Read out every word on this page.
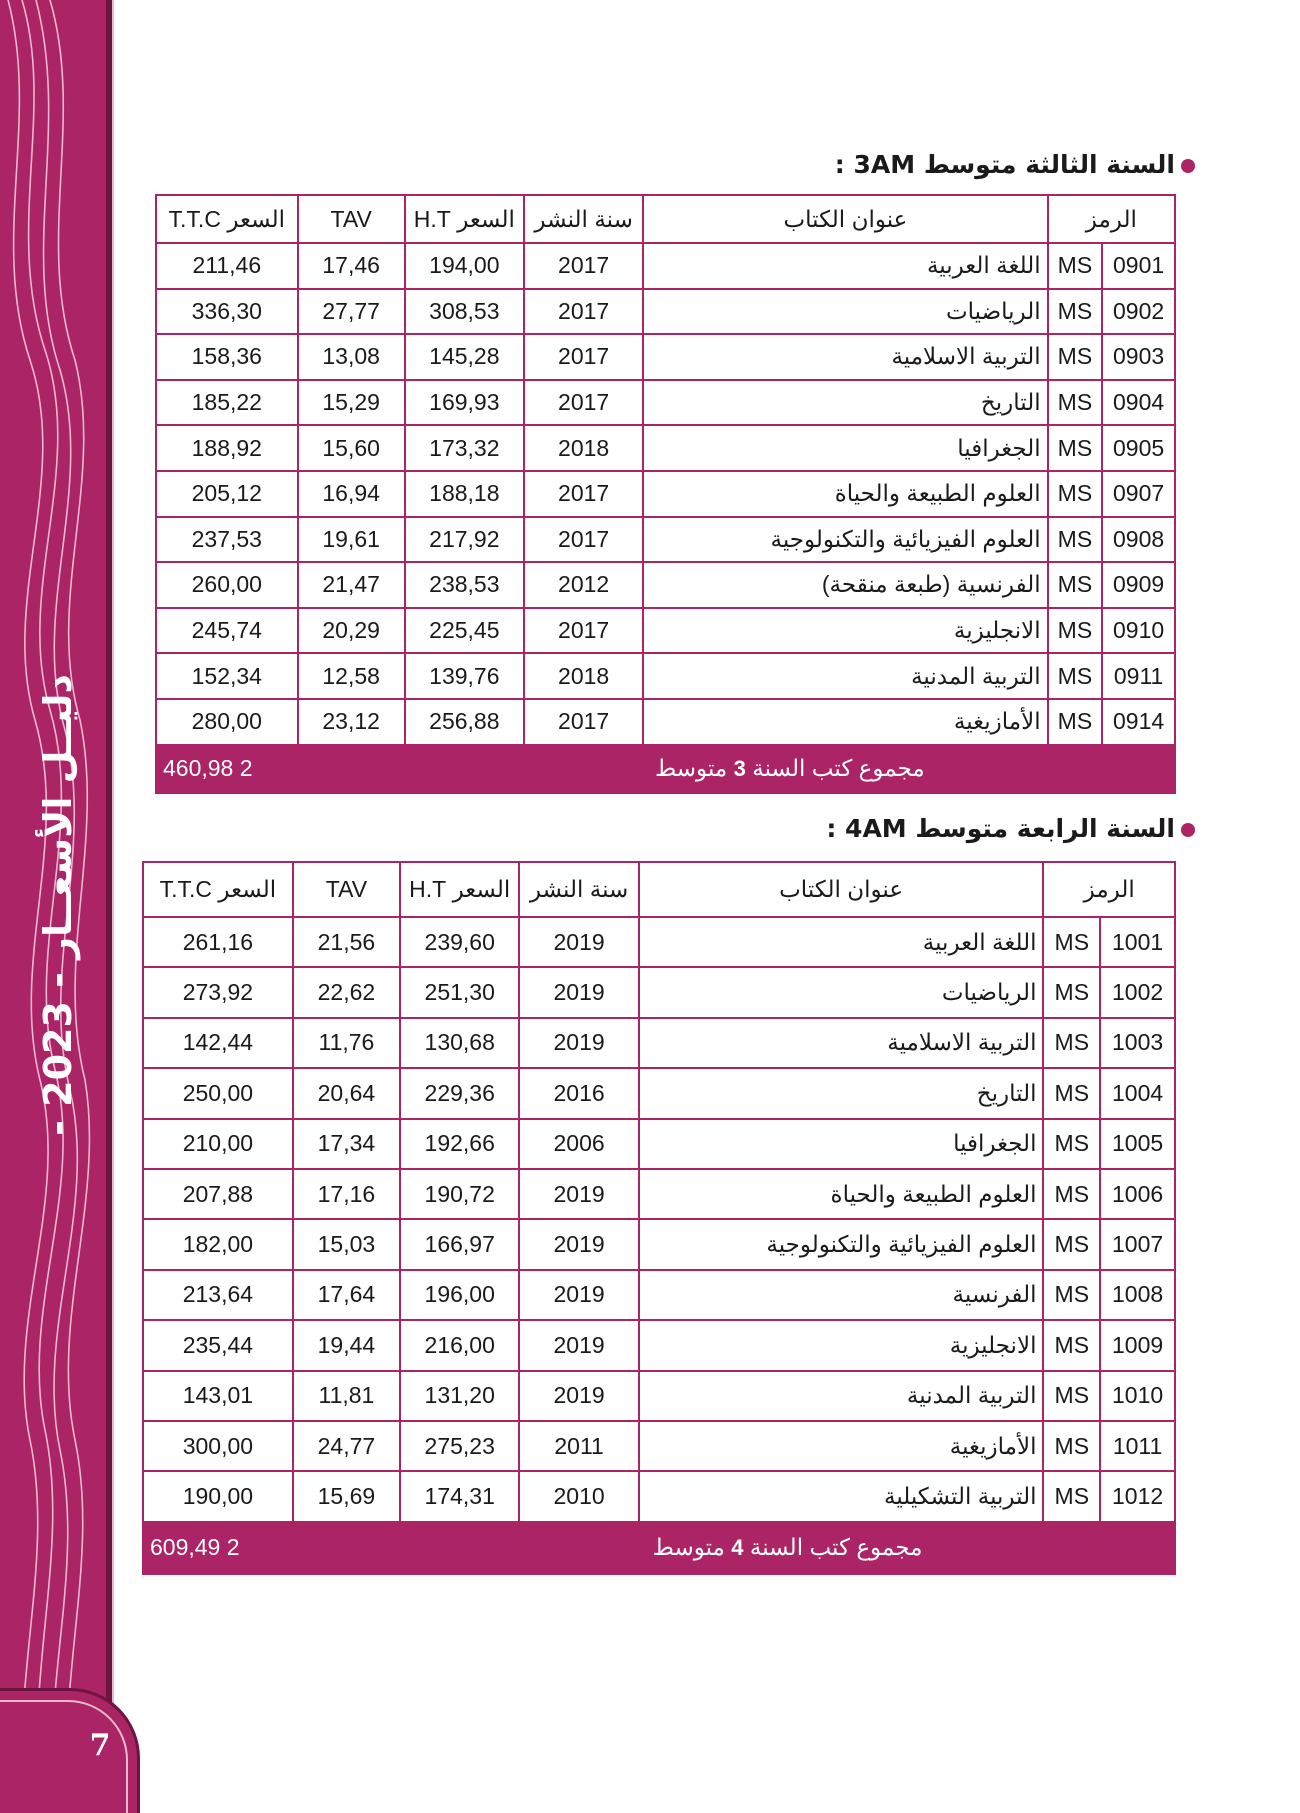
دليــل الأسعــار - 2023 -
7
السنة الثالثة متوسط 3AM :
الرمز		عنوان الكتاب	سنة النشر	السعر H.T	TAV	السعر T.T.C
0901	MS	اللغة العربية	2017	194,00	17,46	211,46
0902	MS	الرياضيات	2017	308,53	27,77	336,30
0903	MS	التربية الاسلامية	2017	145,28	13,08	158,36
0904	MS	التاريخ	2017	169,93	15,29	185,22
0905	MS	الجغرافيا	2018	173,32	15,60	188,92
0907	MS	العلوم الطبيعة والحياة	2017	188,18	16,94	205,12
0908	MS	العلوم الفيزيائية والتكنولوجية	2017	217,92	19,61	237,53
0909	MS	الفرنسية (طبعة منقحة)	2012	238,53	21,47	260,00
0910	MS	الانجليزية	2017	225,45	20,29	245,74
0911	MS	التربية المدنية	2018	139,76	12,58	152,34
0914	MS	الأمازيغية	2017	256,88	23,12	280,00
مجموع كتب السنة 3 متوسط					2 460,98	
السنة الرابعة متوسط 4AM :
الرمز		عنوان الكتاب	سنة النشر	السعر H.T	TAV	السعر T.T.C
1001	MS	اللغة العربية	2019	239,60	21,56	261,16
1002	MS	الرياضيات	2019	251,30	22,62	273,92
1003	MS	التربية الاسلامية	2019	130,68	11,76	142,44
1004	MS	التاريخ	2016	229,36	20,64	250,00
1005	MS	الجغرافيا	2006	192,66	17,34	210,00
1006	MS	العلوم الطبيعة والحياة	2019	190,72	17,16	207,88
1007	MS	العلوم الفيزيائية والتكنولوجية	2019	166,97	15,03	182,00
1008	MS	الفرنسية	2019	196,00	17,64	213,64
1009	MS	الانجليزية	2019	216,00	19,44	235,44
1010	MS	التربية المدنية	2019	131,20	11,81	143,01
1011	MS	الأمازيغية	2011	275,23	24,77	300,00
1012	MS	التربية التشكيلية	2010	174,31	15,69	190,00
مجموع كتب السنة 4 متوسط					2 609,49	
